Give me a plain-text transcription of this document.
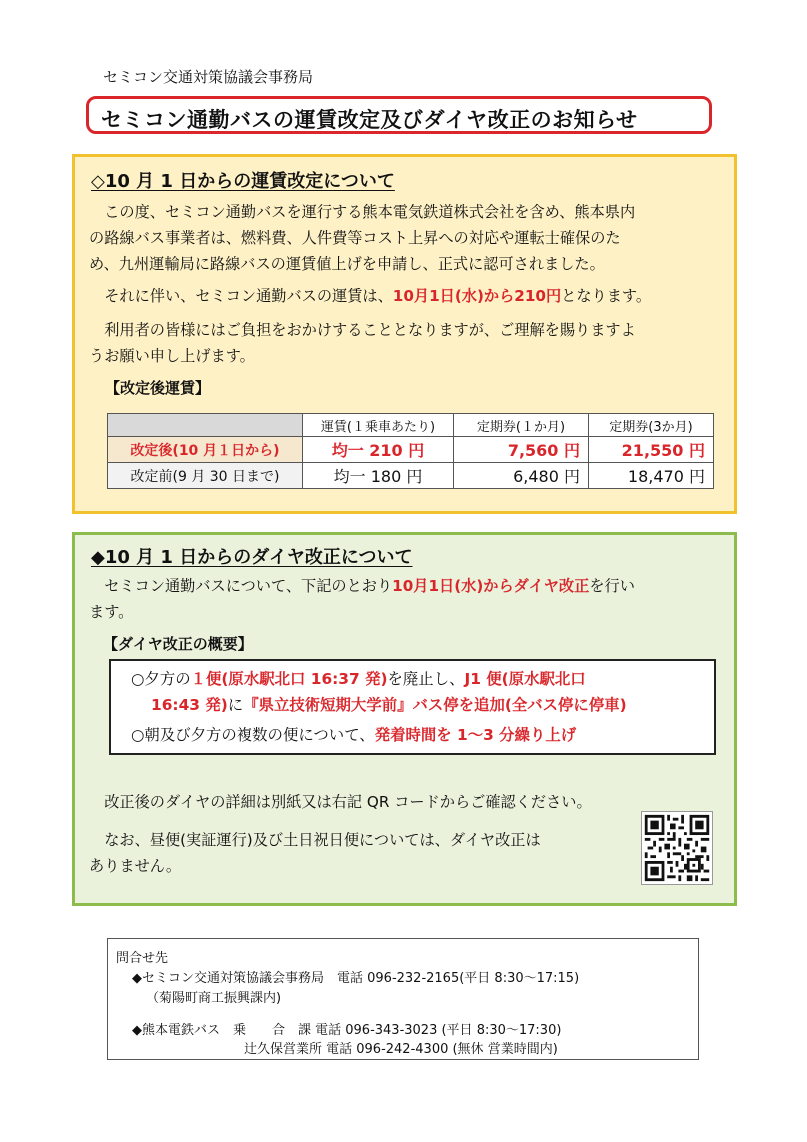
セミコン交通対策協議会事務局
セミコン通勤バスの運賃改定及びダイヤ改正のお知らせ
◇10 月 1 日からの運賃改定について
　この度、セミコン通勤バスを運行する熊本電気鉄道株式会社を含め、熊本県内
の路線バス事業者は、燃料費、人件費等コスト上昇への対応や運転士確保のた
め、九州運輸局に路線バスの運賃値上げを申請し、正式に認可されました。
　それに伴い、セミコン通勤バスの運賃は、10月1日(水)から210円となります。
　利用者の皆様にはご負担をおかけすることとなりますが、ご理解を賜りますよ
うお願い申し上げます。
【改定後運賃】
	運賃(１乗車あたり)	定期券(１か月)	定期券(3か月)
改定後(10 月１日から)	均一 210 円	7,560 円	21,550 円
改定前(9 月 30 日まで)	均一 180 円	6,480 円	18,470 円
◆10 月 1 日からのダイヤ改正について
　セミコン通勤バスについて、下記のとおり10月1日(水)からダイヤ改正を行い
ます。
【ダイヤ改正の概要】
○夕方の１便(原水駅北口 16:37 発)を廃止し、J1 便(原水駅北口
16:43 発)に『県立技術短期大学前』バス停を追加(全バス停に停車)
○朝及び夕方の複数の便について、発着時間を 1～3 分繰り上げ
　改正後のダイヤの詳細は別紙又は右記 QR コードからご確認ください。
　なお、昼便(実証運行)及び土日祝日便については、ダイヤ改正は
ありません。
問合せ先
◆セミコン交通対策協議会事務局　電話 096-232-2165(平日 8:30～17:15)
（菊陽町商工振興課内)
◆熊本電鉄バス　乗　　合　課 電話 096-343-3023 (平日 8:30～17:30)
辻久保営業所 電話 096-242-4300 (無休 営業時間内)
